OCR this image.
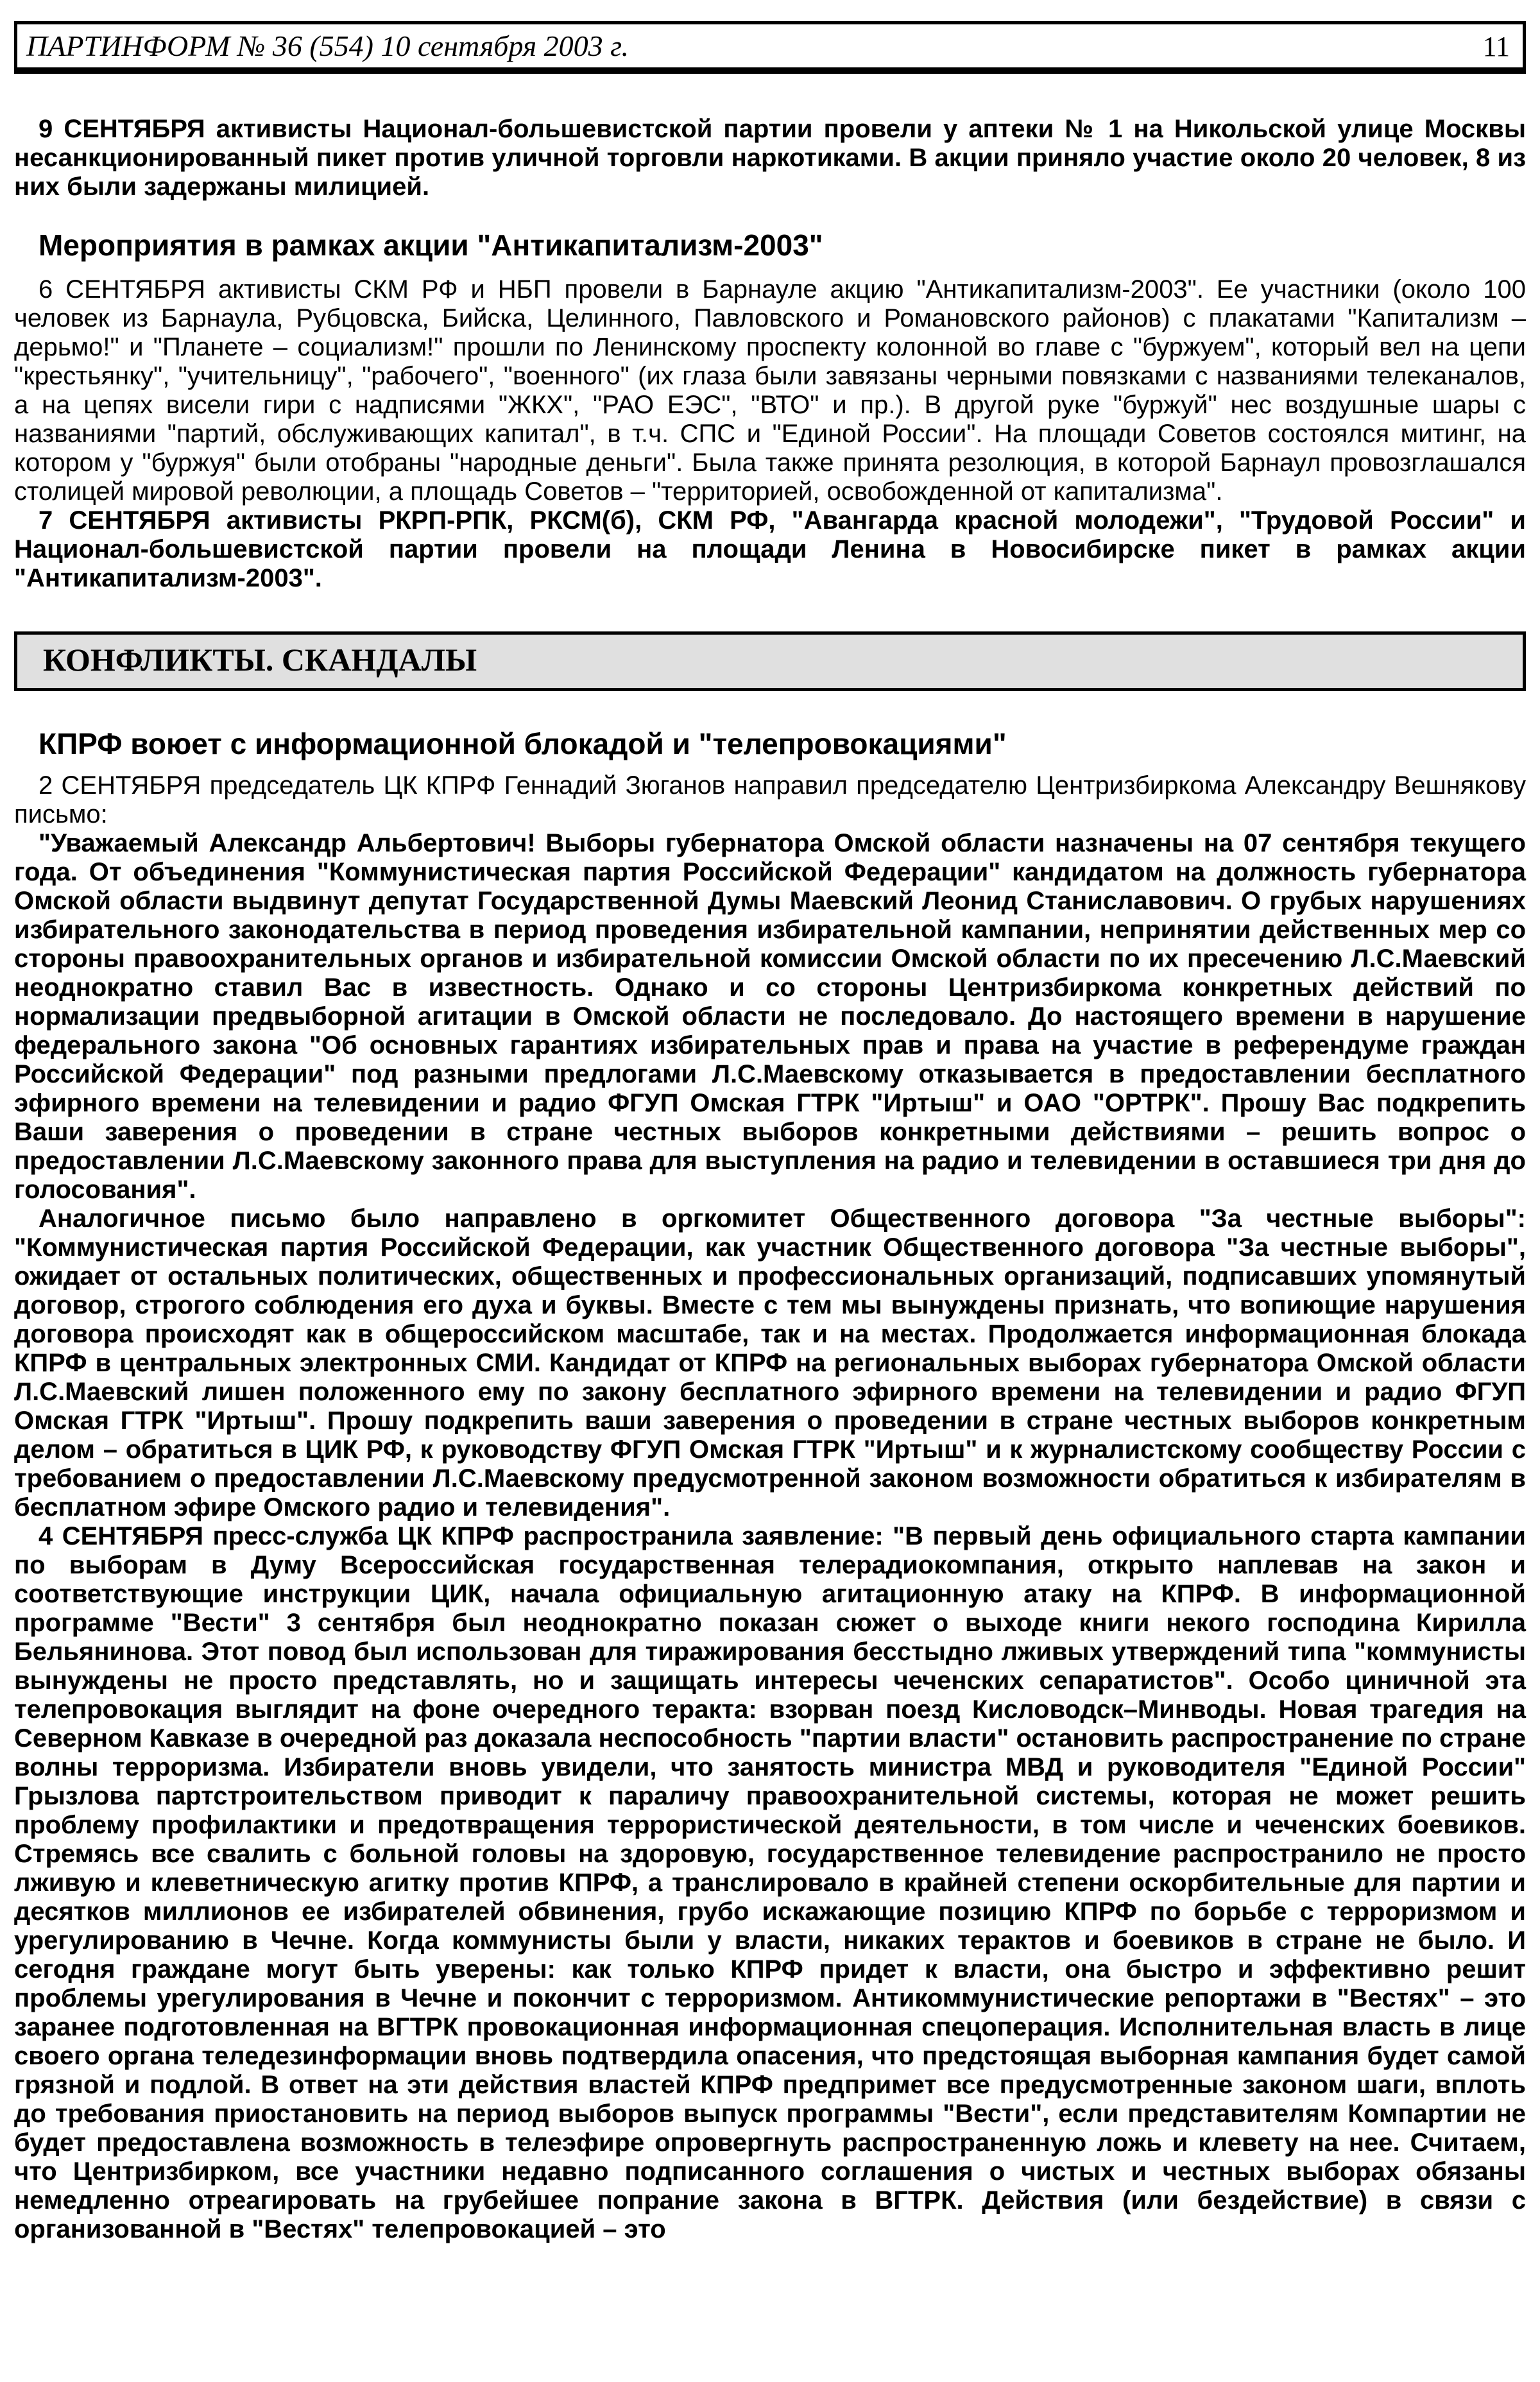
ПАРТИНФОРМ № 36 (554) 10 сентября 2003 г.	11

9 СЕНТЯБРЯ активисты Национал-большевистской партии провели у аптеки № 1 на Никольской улице Москвы несанкционированный пикет против уличной торговли наркотиками. В акции приняло участие около 20 человек, 8 из них были задержаны милицией.

Мероприятия в рамках акции "Антикапитализм-2003"

6 СЕНТЯБРЯ активисты СКМ РФ и НБП провели в Барнауле акцию "Антикапитализм-2003". Ее участники (около 100 человек из Барнаула, Рубцовска, Бийска, Целинного, Павловского и Романовского районов) с плакатами "Капитализм – дерьмо!" и "Планете – социализм!" прошли по Ленинскому проспекту колонной во главе с "буржуем", который вел на цепи "крестьянку", "учительницу", "рабочего", "военного" (их глаза были завязаны черными повязками с названиями телеканалов, а на цепях висели гири с надписями "ЖКХ", "РАО ЕЭС", "ВТО" и пр.). В другой руке "буржуй" нес воздушные шары с названиями "партий, обслуживающих капитал", в т.ч. СПС и "Единой России". На площади Советов состоялся митинг, на котором у "буржуя" были отобраны "народные деньги". Была также принята резолюция, в которой Барнаул провозглашался столицей мировой революции, а площадь Советов – "территорией, освобожденной от капитализма".

7 СЕНТЯБРЯ активисты РКРП-РПК, РКСМ(б), СКМ РФ, "Авангарда красной молодежи", "Трудовой России" и Национал-большевистской партии провели на площади Ленина в Новосибирске пикет в рамках акции "Антикапитализм-2003".

КОНФЛИКТЫ. СКАНДАЛЫ
КПРФ воюет с информационной блокадой и "телепровокациями"

2 СЕНТЯБРЯ председатель ЦК КПРФ Геннадий Зюганов направил председателю Центризбиркома Александру Вешнякову письмо:

"Уважаемый Александр Альбертович! Выборы губернатора Омской области назначены на 07 сентября текущего года. От объединения "Коммунистическая партия Российской Федерации" кандидатом на должность губернатора Омской области выдвинут депутат Государственной Думы Маевский Леонид Станиславович. О грубых нарушениях избирательного законодательства в период проведения избирательной кампании, непринятии действенных мер со стороны правоохранительных органов и избирательной комиссии Омской области по их пресечению Л.С.Маевский неоднократно ставил Вас в известность. Однако и со стороны Центризбиркома конкретных действий по нормализации предвыборной агитации в Омской области не последовало. До настоящего времени в нарушение федерального закона "Об основных гарантиях избирательных прав и права на участие в референдуме граждан Российской Федерации" под разными предлогами Л.С.Маевскому отказывается в предоставлении бесплатного эфирного времени на телевидении и радио ФГУП Омская ГТРК "Иртыш" и ОАО "ОРТРК". Прошу Вас подкрепить Ваши заверения о проведении в стране честных выборов конкретными действиями – решить вопрос о предоставлении Л.С.Маевскому законного права для выступления на радио и телевидении в оставшиеся три дня до голосования".

Аналогичное письмо было направлено в оргкомитет Общественного договора "За честные выборы": "Коммунистическая партия Российской Федерации, как участник Общественного договора "За честные выборы", ожидает от остальных политических, общественных и профессиональных организаций, подписавших упомянутый договор, строгого соблюдения его духа и буквы. Вместе с тем мы вынуждены признать, что вопиющие нарушения договора происходят как в общероссийском масштабе, так и на местах. Продолжается информационная блокада КПРФ в центральных электронных СМИ. Кандидат от КПРФ на региональных выборах губернатора Омской области Л.С.Маевский лишен положенного ему по закону бесплатного эфирного времени на телевидении и радио ФГУП Омская ГТРК "Иртыш". Прошу подкрепить ваши заверения о проведении в стране честных выборов конкретным делом – обратиться в ЦИК РФ, к руководству ФГУП Омская ГТРК "Иртыш" и к журналистскому сообществу России с требованием о предоставлении Л.С.Маевскому предусмотренной законом возможности обратиться к избирателям в бесплатном эфире Омского радио и телевидения".

4 СЕНТЯБРЯ пресс-служба ЦК КПРФ распространила заявление: "В первый день официального старта кампании по выборам в Думу Всероссийская государственная телерадиокомпания, открыто наплевав на закон и соответствующие инструкции ЦИК, начала официальную агитационную атаку на КПРФ. В информационной программе "Вести" 3 сентября был неоднократно показан сюжет о выходе книги некого господина Кирилла Бельянинова. Этот повод был использован для тиражирования бесстыдно лживых утверждений типа "коммунисты вынуждены не просто представлять, но и защищать интересы чеченских сепаратистов". Особо циничной эта телепровокация выглядит на фоне очередного теракта: взорван поезд Кисловодск–Минводы. Новая трагедия на Северном Кавказе в очередной раз доказала неспособность "партии власти" остановить распространение по стране волны терроризма. Избиратели вновь увидели, что занятость министра МВД и руководителя "Единой России" Грызлова партстроительством приводит к параличу правоохранительной системы, которая не может решить проблему профилактики и предотвращения террористической деятельности, в том числе и чеченских боевиков. Стремясь все свалить с больной головы на здоровую, государственное телевидение распространило не просто лживую и клеветническую агитку против КПРФ, а транслировало в крайней степени оскорбительные для партии и десятков миллионов ее избирателей обвинения, грубо искажающие позицию КПРФ по борьбе с терроризмом и урегулированию в Чечне. Когда коммунисты были у власти, никаких терактов и боевиков в стране не было. И сегодня граждане могут быть уверены: как только КПРФ придет к власти, она быстро и эффективно решит проблемы урегулирования в Чечне и покончит с терроризмом. Антикоммунистические репортажи в "Вестях" – это заранее подготовленная на ВГТРК провокационная информационная спецоперация. Исполнительная власть в лице своего органа теледезинформации вновь подтвердила опасения, что предстоящая выборная кампания будет самой грязной и подлой. В ответ на эти действия властей КПРФ предпримет все предусмотренные законом шаги, вплоть до требования приостановить на период выборов выпуск программы "Вести", если представителям Компартии не будет предоставлена возможность в телеэфире опровергнуть распространенную ложь и клевету на нее. Считаем, что Центризбирком, все участники недавно подписанного соглашения о чистых и честных выборах обязаны немедленно отреагировать на грубейшее попрание закона в ВГТРК. Действия (или бездействие) в связи с организованной в "Вестях" телепровокацией – это
